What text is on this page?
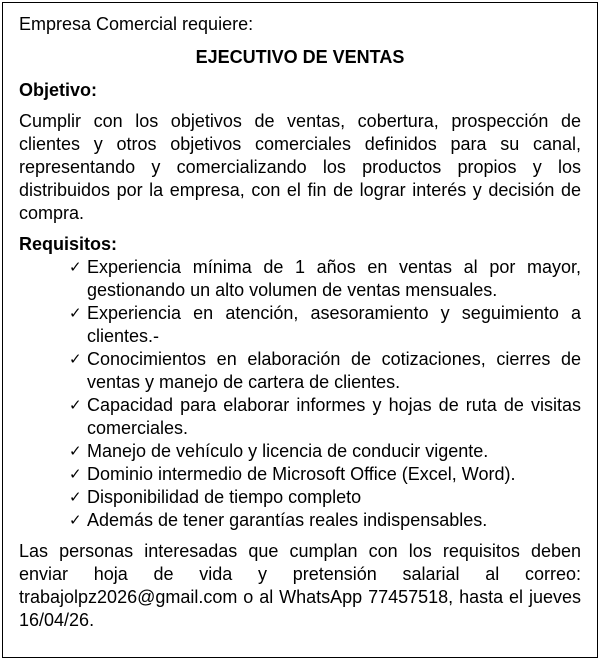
Empresa Comercial requiere:

EJECUTIVO DE VENTAS

Objetivo:

Cumplir con los objetivos de ventas, cobertura, prospección de clientes y otros objetivos comerciales definidos para su canal, representando y comercializando los productos propios y los distribuidos por la empresa, con el fin de lograr interés y decisión de compra.

Requisitos:

✓ Experiencia mínima de 1 años en ventas al por mayor, gestionando un alto volumen de ventas mensuales.
✓ Experiencia en atención, asesoramiento y seguimiento a clientes.-
✓ Conocimientos en elaboración de cotizaciones, cierres de ventas y manejo de cartera de clientes.
✓ Capacidad para elaborar informes y hojas de ruta de visitas comerciales.
✓ Manejo de vehículo y licencia de conducir vigente.
✓ Dominio intermedio de Microsoft Office (Excel, Word).
✓ Disponibilidad de tiempo completo
✓ Además de tener garantías reales indispensables.

Las personas interesadas que cumplan con los requisitos deben enviar hoja de vida y pretensión salarial al correo: trabajolpz2026@gmail.com o al WhatsApp 77457518, hasta el jueves 16/04/26.
